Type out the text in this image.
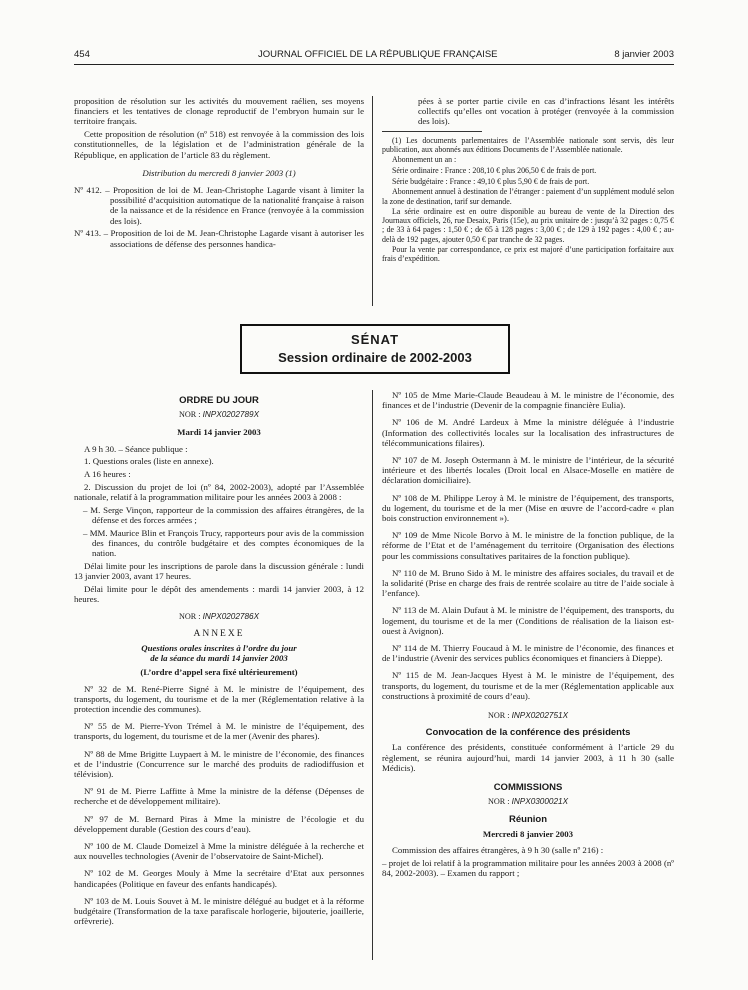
454	JOURNAL OFFICIEL DE LA RÉPUBLIQUE FRANÇAISE	8 janvier 2003

proposition de résolution sur les activités du mouvement raélien, ses moyens financiers et les tentatives de clonage reproductif de l’embryon humain sur le territoire français.

Cette proposition de résolution (nº 518) est renvoyée à la commission des lois constitutionnelles, de la législation et de l’administration générale de la République, en application de l’article 83 du règlement.

Distribution du mercredi 8 janvier 2003 (1)

Nº 412. – Proposition de loi de M. Jean-Christophe Lagarde visant à limiter la possibilité d’acquisition automatique de la nationalité française à raison de la naissance et de la résidence en France (renvoyée à la commission des lois).

Nº 413. – Proposition de loi de M. Jean-Christophe Lagarde visant à autoriser les associations de défense des personnes handica-

pées à se porter partie civile en cas d’infractions lésant les intérêts collectifs qu’elles ont vocation à protéger (renvoyée à la commission des lois).

(1) Les documents parlementaires de l’Assemblée nationale sont servis, dès leur publication, aux abonnés aux éditions Documents de l’Assemblée nationale.

Abonnement un an :

Série ordinaire : France : 208,10 € plus 206,50 € de frais de port.

Série budgétaire : France : 49,10 € plus 5,90 € de frais de port.

Abonnement annuel à destination de l’étranger : paiement d’un supplément modulé selon la zone de destination, tarif sur demande.

La série ordinaire est en outre disponible au bureau de vente de la Direction des Journaux officiels, 26, rue Desaix, Paris (15e), au prix unitaire de : jusqu’à 32 pages : 0,75 € ; de 33 à 64 pages : 1,50 € ; de 65 à 128 pages : 3,00 € ; de 129 à 192 pages : 4,00 € ; au-delà de 192 pages, ajouter 0,50 € par tranche de 32 pages.

Pour la vente par correspondance, ce prix est majoré d’une participation forfaitaire aux frais d’expédition.

SÉNAT
Session ordinaire de 2002-2003

ORDRE DU JOUR

NOR : INPX0202789X

Mardi 14 janvier 2003

A 9 h 30. – Séance publique :

1. Questions orales (liste en annexe).

A 16 heures :

2. Discussion du projet de loi (nº 84, 2002-2003), adopté par l’Assemblée nationale, relatif à la programmation militaire pour les années 2003 à 2008 :

– M. Serge Vinçon, rapporteur de la commission des affaires étrangères, de la défense et des forces armées ;

– MM. Maurice Blin et François Trucy, rapporteurs pour avis de la commission des finances, du contrôle budgétaire et des comptes économiques de la nation.

Délai limite pour les inscriptions de parole dans la discussion générale : lundi 13 janvier 2003, avant 17 heures.

Délai limite pour le dépôt des amendements : mardi 14 janvier 2003, à 12 heures.

NOR : INPX0202786X

ANNEXE

Questions orales inscrites à l’ordre du jour

de la séance du mardi 14 janvier 2003

(L’ordre d’appel sera fixé ultérieurement)

Nº 32 de M. René-Pierre Signé à M. le ministre de l’équipement, des transports, du logement, du tourisme et de la mer (Réglementation relative à la protection incendie des communes).

Nº 55 de M. Pierre-Yvon Trémel à M. le ministre de l’équipement, des transports, du logement, du tourisme et de la mer (Avenir des phares).

Nº 88 de Mme Brigitte Luypaert à M. le ministre de l’économie, des finances et de l’industrie (Concurrence sur le marché des produits de radiodiffusion et télévision).

Nº 91 de M. Pierre Laffitte à Mme la ministre de la défense (Dépenses de recherche et de développement militaire).

Nº 97 de M. Bernard Piras à Mme la ministre de l’écologie et du développement durable (Gestion des cours d’eau).

Nº 100 de M. Claude Domeizel à Mme la ministre déléguée à la recherche et aux nouvelles technologies (Avenir de l’observatoire de Saint-Michel).

Nº 102 de M. Georges Mouly à Mme la secrétaire d’Etat aux personnes handicapées (Politique en faveur des enfants handicapés).

Nº 103 de M. Louis Souvet à M. le ministre délégué au budget et à la réforme budgétaire (Transformation de la taxe parafiscale horlogerie, bijouterie, joaillerie, orfèvrerie).

Nº 105 de Mme Marie-Claude Beaudeau à M. le ministre de l’économie, des finances et de l’industrie (Devenir de la compagnie financière Eulia).

Nº 106 de M. André Lardeux à Mme la ministre déléguée à l’industrie (Information des collectivités locales sur la localisation des infrastructures de télécommunications filaires).

Nº 107 de M. Joseph Ostermann à M. le ministre de l’intérieur, de la sécurité intérieure et des libertés locales (Droit local en Alsace-Moselle en matière de déclaration domiciliaire).

Nº 108 de M. Philippe Leroy à M. le ministre de l’équipement, des transports, du logement, du tourisme et de la mer (Mise en œuvre de l’accord-cadre « plan bois construction environnement »).

Nº 109 de Mme Nicole Borvo à M. le ministre de la fonction publique, de la réforme de l’Etat et de l’aménagement du territoire (Organisation des élections pour les commissions consultatives paritaires de la fonction publique).

Nº 110 de M. Bruno Sido à M. le ministre des affaires sociales, du travail et de la solidarité (Prise en charge des frais de rentrée scolaire au titre de l’aide sociale à l’enfance).

Nº 113 de M. Alain Dufaut à M. le ministre de l’équipement, des transports, du logement, du tourisme et de la mer (Conditions de réalisation de la liaison est-ouest à Avignon).

Nº 114 de M. Thierry Foucaud à M. le ministre de l’économie, des finances et de l’industrie (Avenir des services publics économiques et financiers à Dieppe).

Nº 115 de M. Jean-Jacques Hyest à M. le ministre de l’équipement, des transports, du logement, du tourisme et de la mer (Réglementation applicable aux constructions à proximité de cours d’eau).

NOR : INPX0202751X

Convocation de la conférence des présidents

La conférence des présidents, constituée conformément à l’article 29 du règlement, se réunira aujourd’hui, mardi 14 janvier 2003, à 11 h 30 (salle Médicis).

COMMISSIONS

NOR : INPX0300021X

Réunion

Mercredi 8 janvier 2003

Commission des affaires étrangères, à 9 h 30 (salle nº 216) :

– projet de loi relatif à la programmation militaire pour les années 2003 à 2008 (nº 84, 2002-2003). – Examen du rapport ;
